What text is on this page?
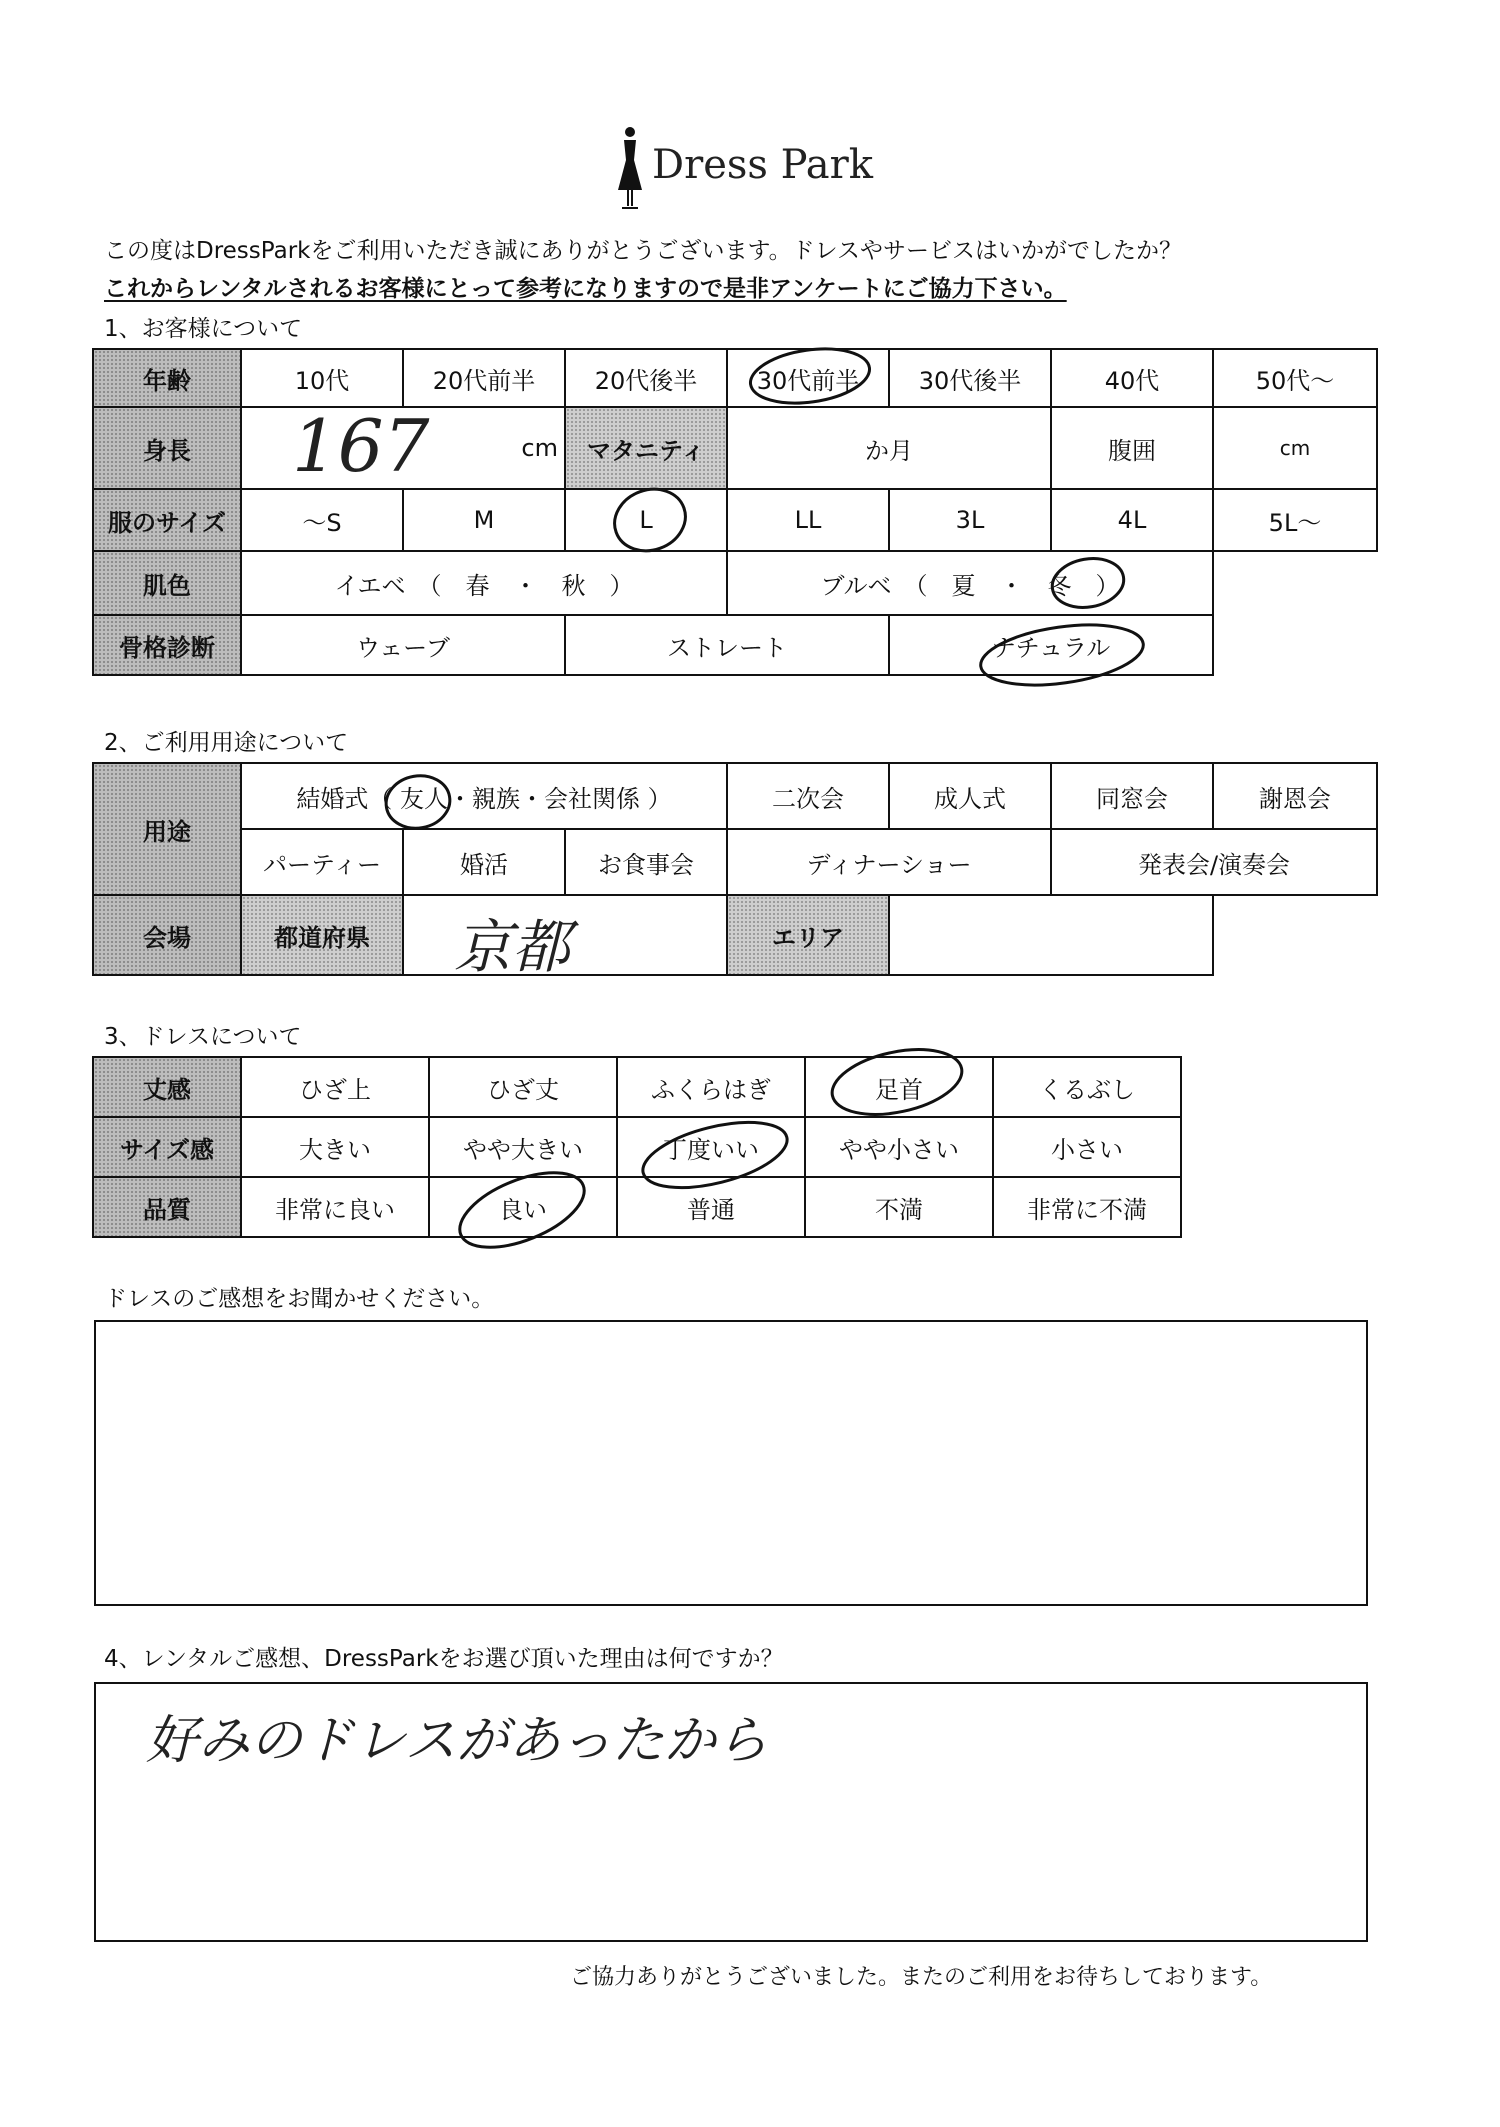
Dress Park
この度はDressParkをご利用いただき誠にありがとうございます。ドレスやサービスはいかがでしたか？
これからレンタルされるお客様にとって参考になりますので是非アンケートにご協力下さい。
1、お客様について
年齢	10代	20代前半	20代後半	30代前半	30代後半	40代	50代～
身長	167	cm	マタニティ	か月	腹囲	cm
服のサイズ	～S	M	L	LL	3L	4L	5L～
肌色	イエベ　（　春　・　秋　）	ブルベ　（　夏　・　冬　）
骨格診断	ウェーブ	ストレート	ナチュラル
2、ご利用用途について
用途
結婚式（ 友人・親族・会社関係 ）	二次会	成人式	同窓会	謝恩会
パーティー	婚活	お食事会	ディナーショー	発表会/演奏会
会場	都道府県	京都	エリア
3、ドレスについて
丈感	ひざ上	ひざ丈	ふくらはぎ	足首	くるぶし
サイズ感	大きい	やや大きい	丁度いい	やや小さい	小さい
品質	非常に良い	良い	普通	不満	非常に不満
ドレスのご感想をお聞かせください。
4、レンタルご感想、DressParkをお選び頂いた理由は何ですか？
好みのドレスがあったから
ご協力ありがとうございました。またのご利用をお待ちしております。
